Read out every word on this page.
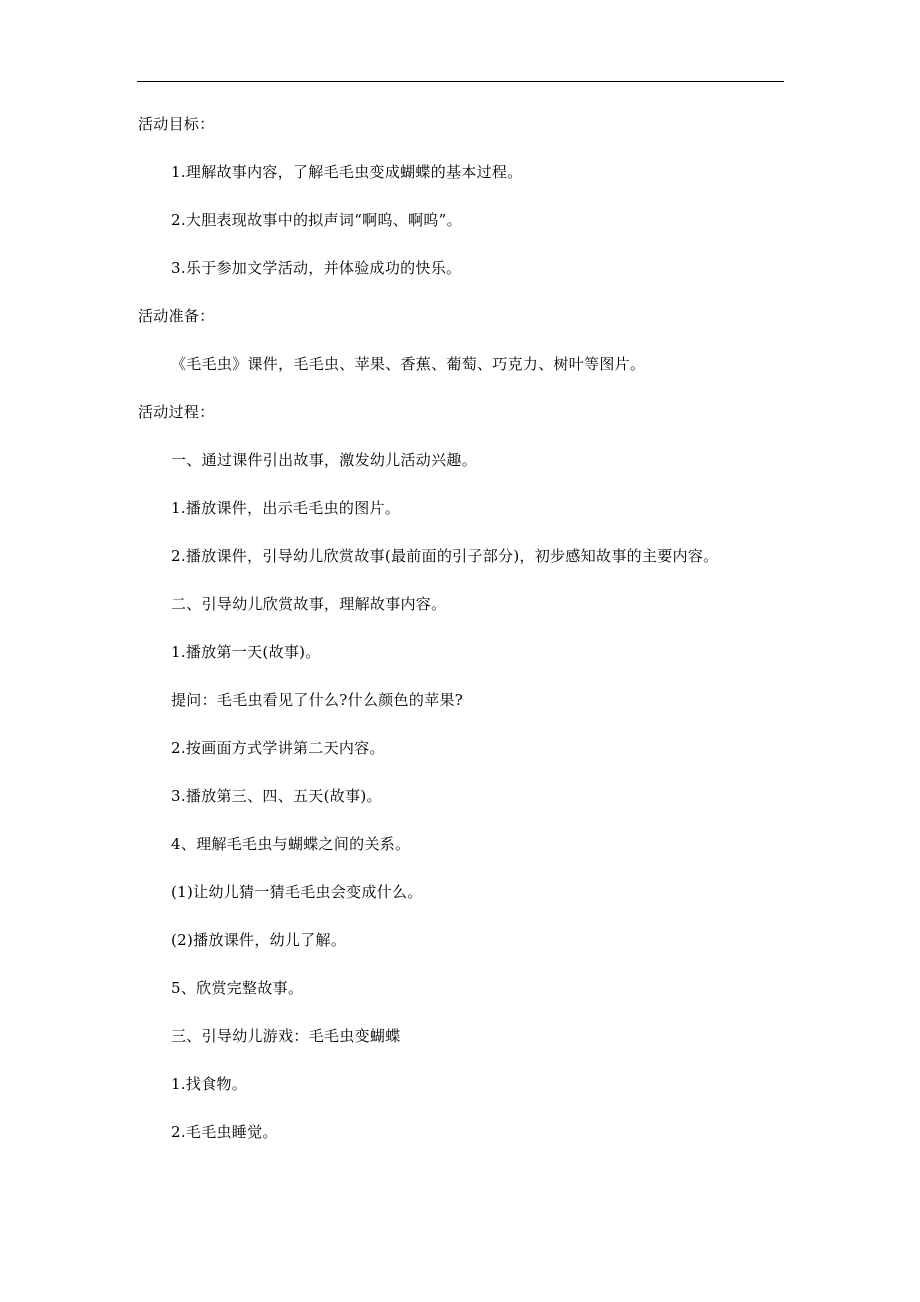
活动目标：
1.理解故事内容，了解毛毛虫变成蝴蝶的基本过程。
2.大胆表现故事中的拟声词“啊呜、啊呜”。
3.乐于参加文学活动，并体验成功的快乐。
活动准备：
《毛毛虫》课件，毛毛虫、苹果、香蕉、葡萄、巧克力、树叶等图片。
活动过程：
一、通过课件引出故事，激发幼儿活动兴趣。
1.播放课件，出示毛毛虫的图片。
2.播放课件，引导幼儿欣赏故事(最前面的引子部分)，初步感知故事的主要内容。
二、引导幼儿欣赏故事，理解故事内容。
1.播放第一天(故事)。
提问：毛毛虫看见了什么?什么颜色的苹果?
2.按画面方式学讲第二天内容。
3.播放第三、四、五天(故事)。
4、理解毛毛虫与蝴蝶之间的关系。
(1)让幼儿猜一猜毛毛虫会变成什么。
(2)播放课件，幼儿了解。
5、欣赏完整故事。
三、引导幼儿游戏：毛毛虫变蝴蝶
1.找食物。
2.毛毛虫睡觉。
